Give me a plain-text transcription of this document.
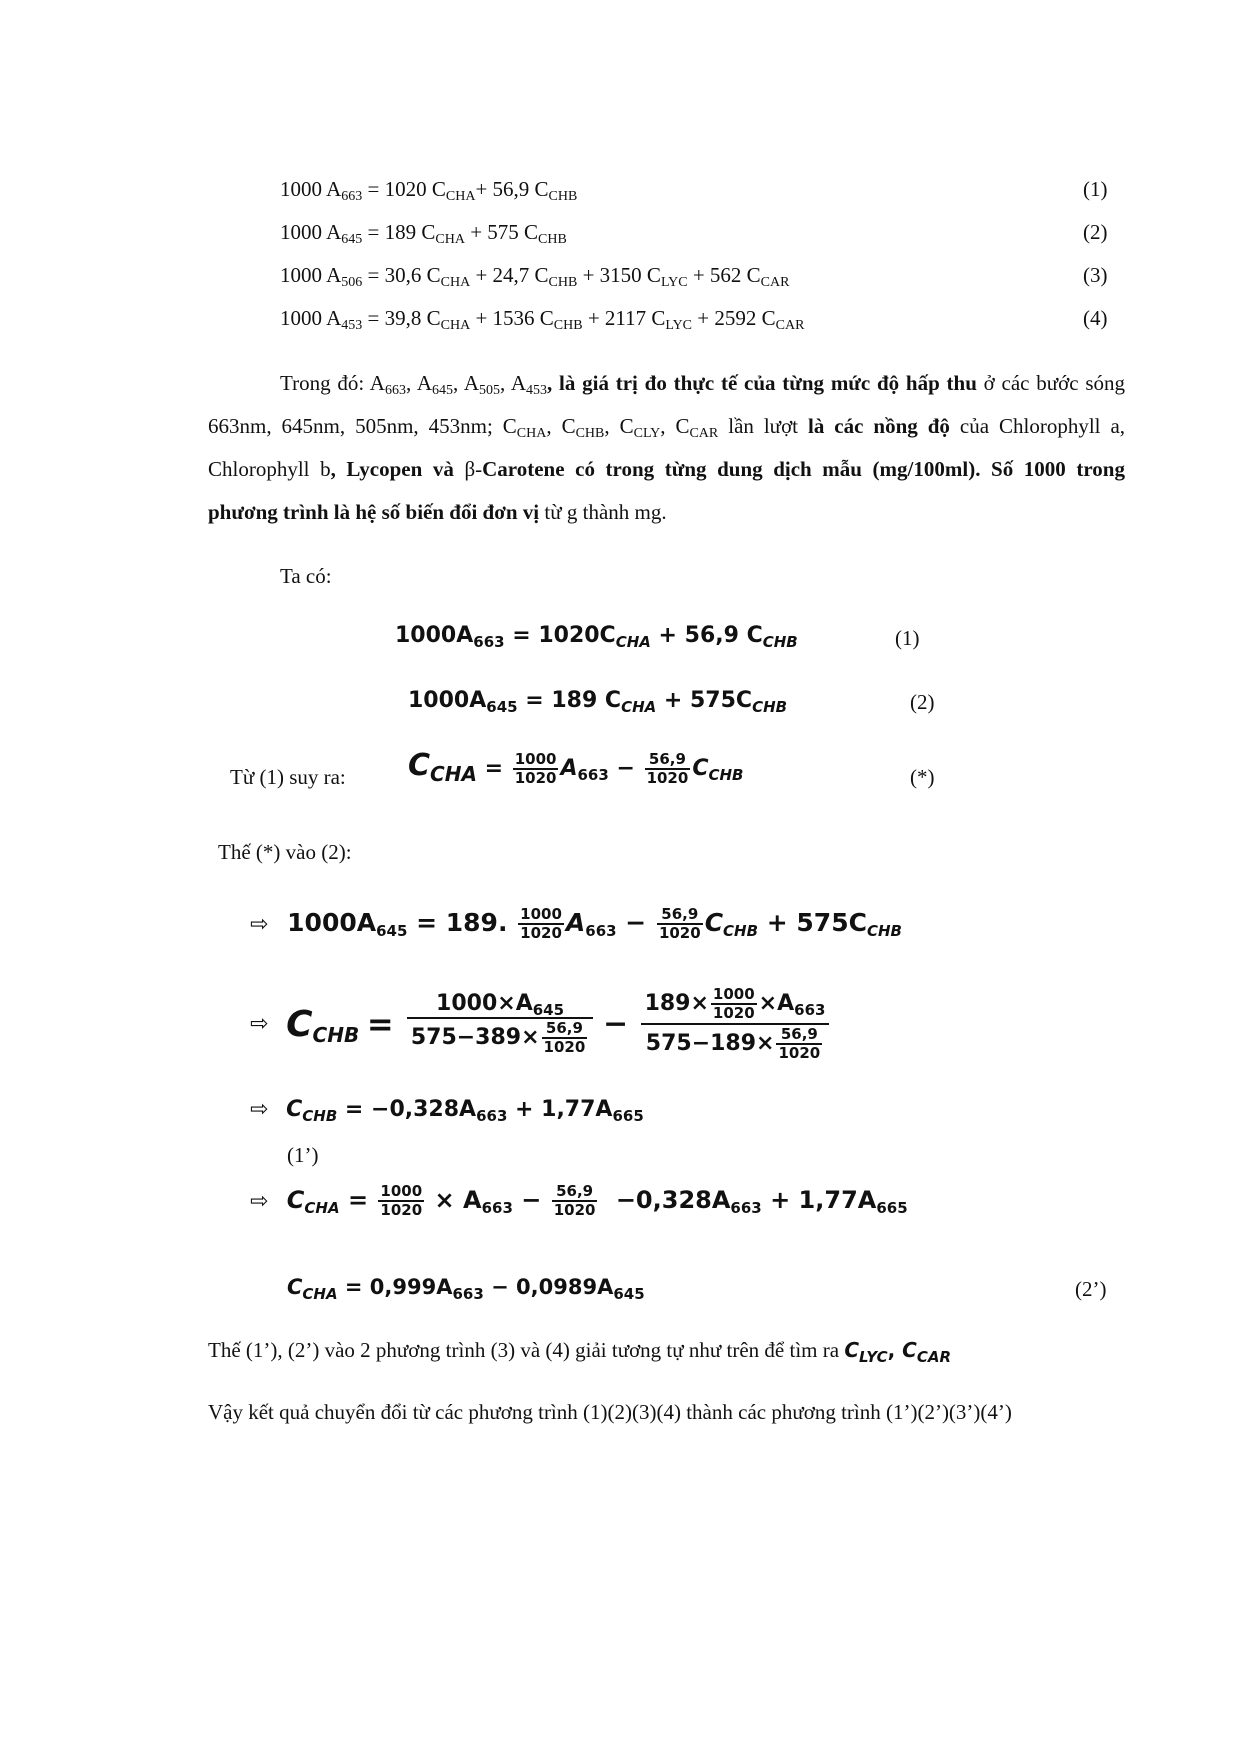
1000 $A_{663} = 1020$ $C_{CHA}+ 56,9$ $C_{CHB}$	(1)
1000 $A_{645} = 189$ $C_{CHA} + 575$ $C_{CHB}$	(2)
1000 $A_{506} = 30,6$ $C_{CHA} + 24,7$ $C_{CHB} + 3150$ $C_{LYC} + 562$ $C_{CAR}$	(3)
1000 $A_{453} = 39,8$ $C_{CHA} + 1536$ $C_{CHB} + 2117$ $C_{LYC} + 2592$ $C_{CAR}$	(4)

Trong đó: $A_{663}$, $A_{645}$, $A_{505}$, $A_{453}$, là giá trị đo thực tế của từng mức độ hấp thu ở các bước sóng 663nm, 645nm, 505nm, 453nm; $C_{CHA}$, $C_{CHB}$, $C_{CLY}$, $C_{CAR}$ lần lượt là các nồng độ của Chlorophyll a, Chlorophyll b, Lycopen và β-Carotene có trong từng dung dịch mẫu (mg/100ml). Số 1000 trong phương trình là hệ số biến đổi đơn vị từ g thành mg.

Ta có:
$1000A_{663} = 1020C_{CHA} + 56,9$ $C_{CHB}$	(1)
$1000A_{645} = 189$ $C_{CHA} + 575C_{CHB}$	(2)
Từ (1) suy ra: $C_{CHA} = \frac{1000}{1020} A_{663} - \frac{56,9}{1020} C_{CHB}$	(*)
Thế (*) vào (2):
⇨ $1000A_{645} = 189$. $\frac{1000}{1020} A_{663} - \frac{56,9}{1020} C_{CHB} + 575C_{CHB}$
⇨ $C_{CHB} = \frac{1000\times A_{645}}{575-389\times \frac{56,9}{1020}} - \frac{189\times \frac{1000}{1020} \times A_{663}}{575-189\times \frac{56,9}{1020}}$
⇨ $C_{CHB} = -0,328A_{663} + 1,77A_{665}$
(1’)
⇨ $C_{CHA} = \frac{1000}{1020} \times A_{663} - \frac{56,9}{1020} -0,328A_{663} + 1,77A_{665}$
$C_{CHA} = 0,999A_{663} - 0,0989A_{645}$	(2’)
Thế (1’), (2’) vào 2 phương trình (3) và (4) giải tương tự như trên để tìm ra $C_{LYC}$, $C_{CAR}$

Vậy kết quả chuyển đổi từ các phương trình (1)(2)(3)(4) thành các phương trình (1’)(2’)(3’)(4’)
